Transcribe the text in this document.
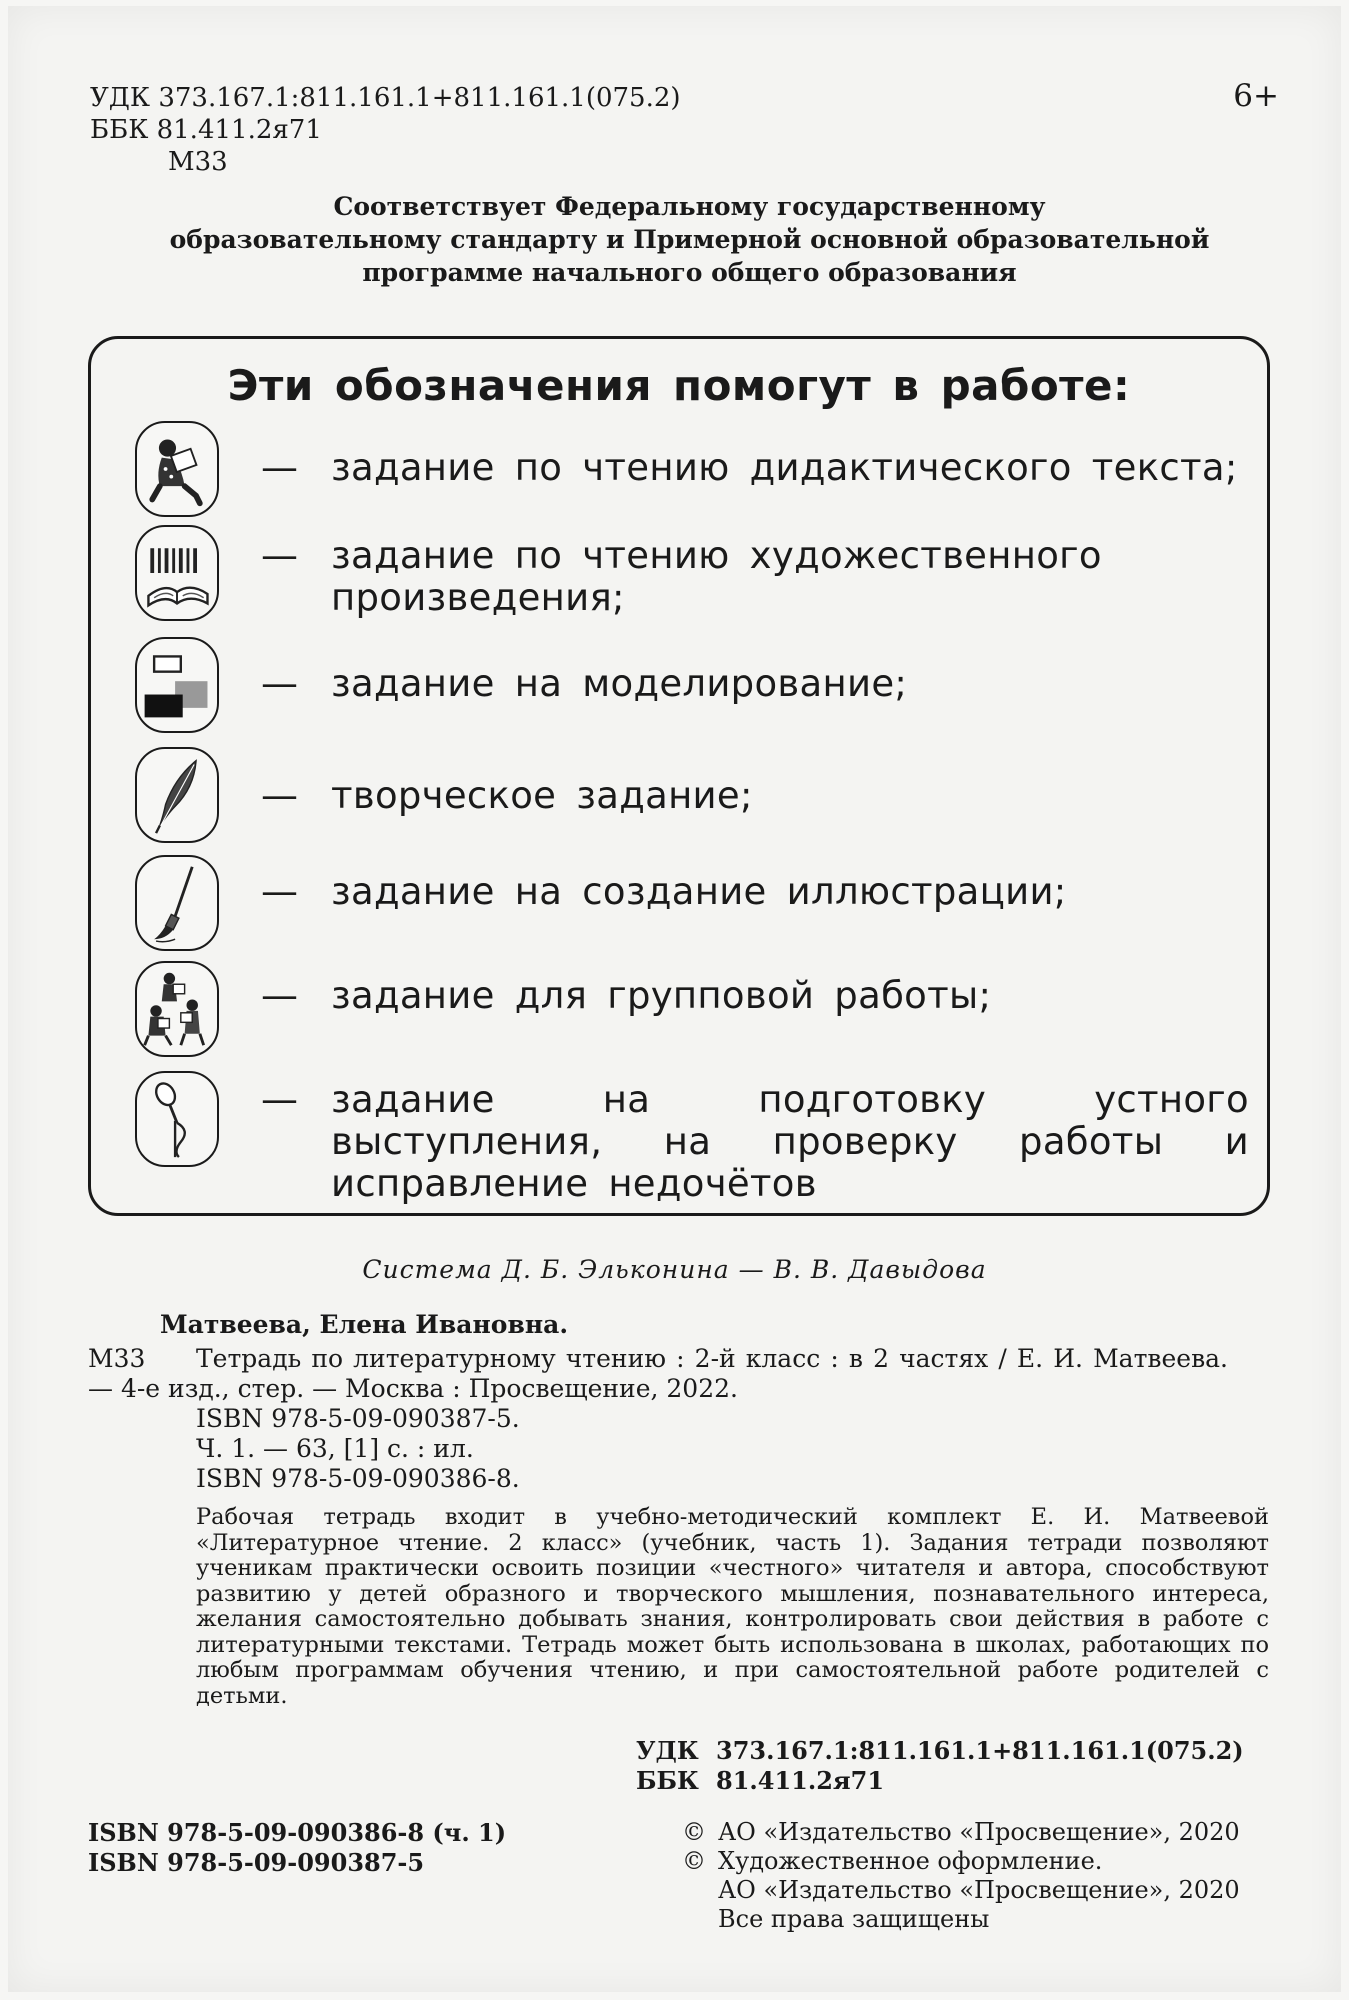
УДК 373.167.1:811.161.1+811.161.1(075.2)
ББК 81.411.2я71
М33
6+
Соответствует Федеральному государственному
образовательному стандарту и Примерной основной образовательной
программе начального общего образования
Эти обозначения помогут в работе:
— задание по чтению дидактического текста;
— задание по чтению художественного произведения;
— задание на моделирование;
— творческое задание;
— задание на создание иллюстрации;
— задание для групповой работы;
— задание на подготовку устного выступления, на проверку работы и исправление недочётов
Система Д. Б. Эльконина — В. В. Давыдова
Матвеева, Елена Ивановна.
М33	Тетрадь по литературному чтению : 2-й класс : в 2 частях / Е. И. Матвеева. — 4-е изд., стер. — Москва : Просвещение, 2022.
ISBN 978-5-09-090387-5.
Ч. 1. — 63, [1] с. : ил.
ISBN 978-5-09-090386-8.
Рабочая тетрадь входит в учебно-методический комплект Е. И. Матвеевой «Литературное чтение. 2 класс» (учебник, часть 1). Задания тетради позволяют ученикам практически освоить позиции «честного» читателя и автора, способствуют развитию у детей образного и творческого мышления, познавательного интереса, желания самостоятельно добывать знания, контролировать свои действия в работе с литературными текстами. Тетрадь может быть использована в школах, работающих по любым программам обучения чтению, и при самостоятельной работе родителей с детьми.
УДК 373.167.1:811.161.1+811.161.1(075.2)
ББК 81.411.2я71
ISBN 978-5-09-090386-8 (ч. 1)
ISBN 978-5-09-090387-5
© АО «Издательство «Просвещение», 2020
© Художественное оформление.
АО «Издательство «Просвещение», 2020
Все права защищены
